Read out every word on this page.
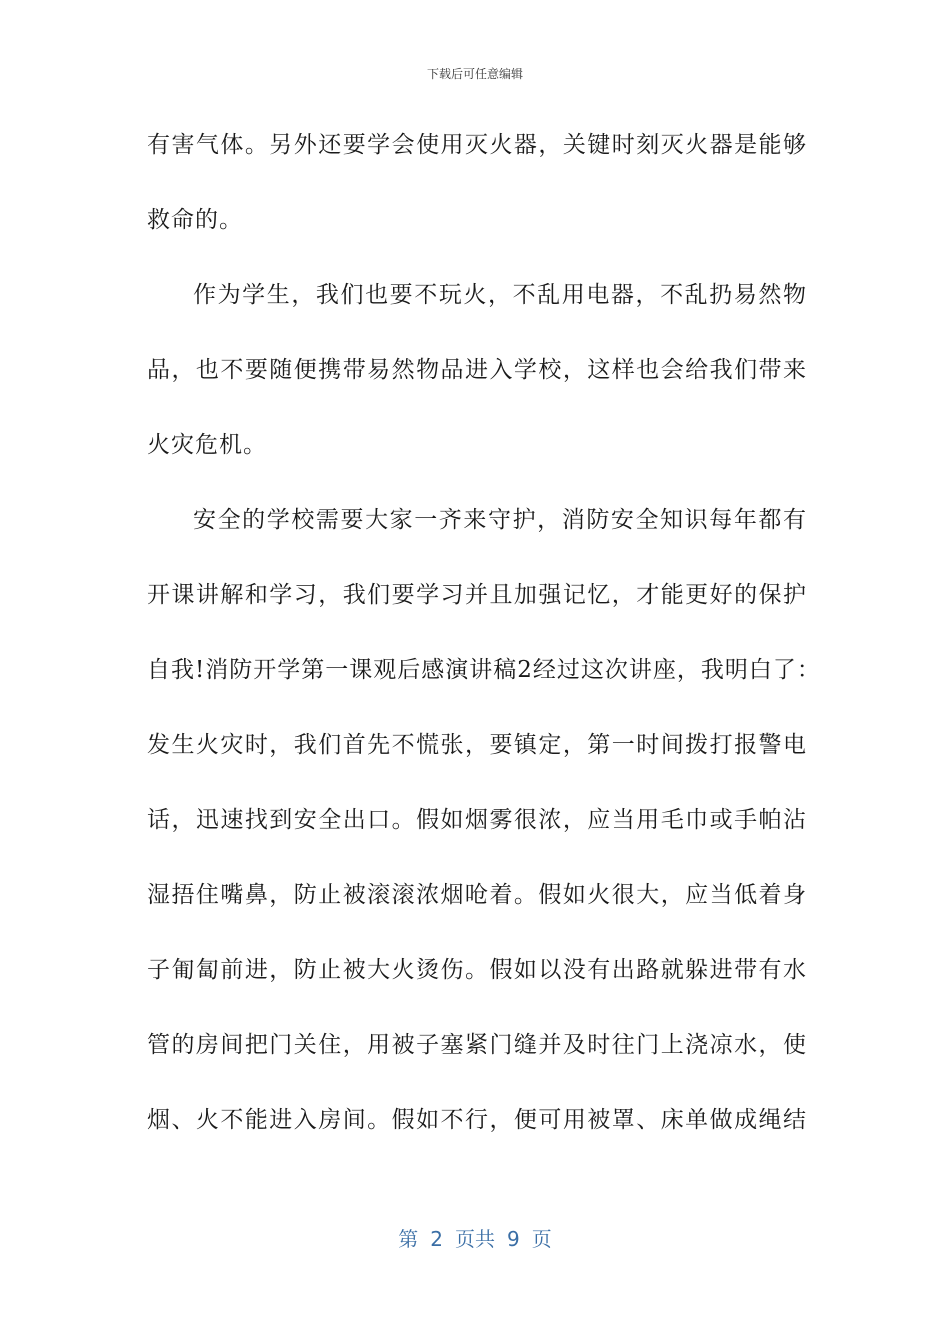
下载后可任意编辑
有害气体。另外还要学会使用灭火器，关键时刻灭火器是能够
救命的。
作为学生，我们也要不玩火，不乱用电器，不乱扔易然物
品，也不要随便携带易然物品进入学校，这样也会给我们带来
火灾危机。
安全的学校需要大家一齐来守护，消防安全知识每年都有
开课讲解和学习，我们要学习并且加强记忆，才能更好的保护
自我!消防开学第一课观后感演讲稿2经过这次讲座，我明白了：
发生火灾时，我们首先不慌张，要镇定，第一时间拨打报警电
话，迅速找到安全出口。假如烟雾很浓，应当用毛巾或手帕沾
湿捂住嘴鼻，防止被滚滚浓烟呛着。假如火很大，应当低着身
子匍匐前进，防止被大火烫伤。假如以没有出路就躲进带有水
管的房间把门关住，用被子塞紧门缝并及时往门上浇凉水，使
烟、火不能进入房间。假如不行，便可用被罩、床单做成绳结
第 2 页共 9 页
